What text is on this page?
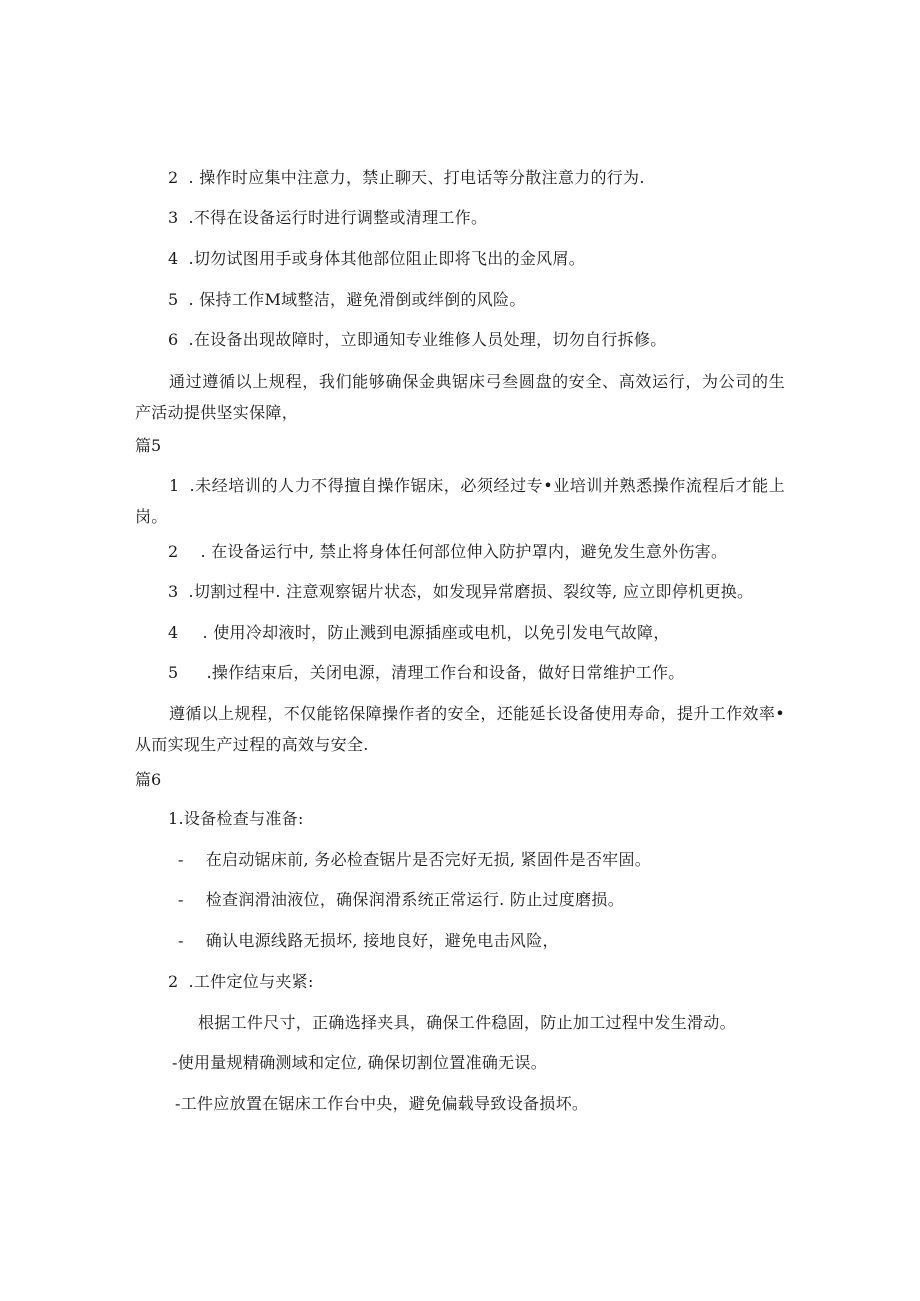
2 . 操作时应集中注意力，禁止聊天、打电话等分散注意力的行为.
3 .不得在设备运行时进行调整或清理工作。
4 .切勿试图用手或身体其他部位阻止即将飞出的金风屑。
5 . 保持工作M域整洁，避免滑倒或绊倒的风险。
6 .在设备出现故障时，立即通知专业维修人员处理，切勿自行拆修。
通过遵循以上规程，我们能够确保金典锯床弓叁圆盘的安全、高效运行，为公司的生产活动提供坚实保障，
篇5
1 .未经培训的人力不得擅自操作锯床，必须经过专•业培训并熟悉操作流程后才能上岗。
2 . 在设备运行中, 禁止将身体任何部位伸入防护罩内，避免发生意外伤害。
3 .切割过程中. 注意观察锯片状态，如发现异常磨损、裂纹等, 应立即停机更换。
4 . 使用冷却液时，防止溅到电源插座或电机，以免引发电气故障，
5 .操作结束后，关闭电源，清理工作台和设备，做好日常维护工作。
遵循以上规程，不仅能铭保障操作者的安全，还能延长设备使用寿命，提升工作效率•从而实现生产过程的高效与安全.
篇6
1.设备检查与准备:
- 在启动锯床前, 务必检查锯片是否完好无损, 紧固件是否牢固。
- 检查润滑油液位，确保润滑系统正常运行. 防止过度磨损。
- 确认电源线路无损坏, 接地良好，避免电击风险，
2 .工件定位与夹紧:
根据工件尺寸，正确选择夹具，确保工件稳固，防止加工过程中发生滑动。
-使用量规精确测域和定位, 确保切割位置准确无误。
-工件应放置在锯床工作台中央，避免偏载导致设备损坏。
